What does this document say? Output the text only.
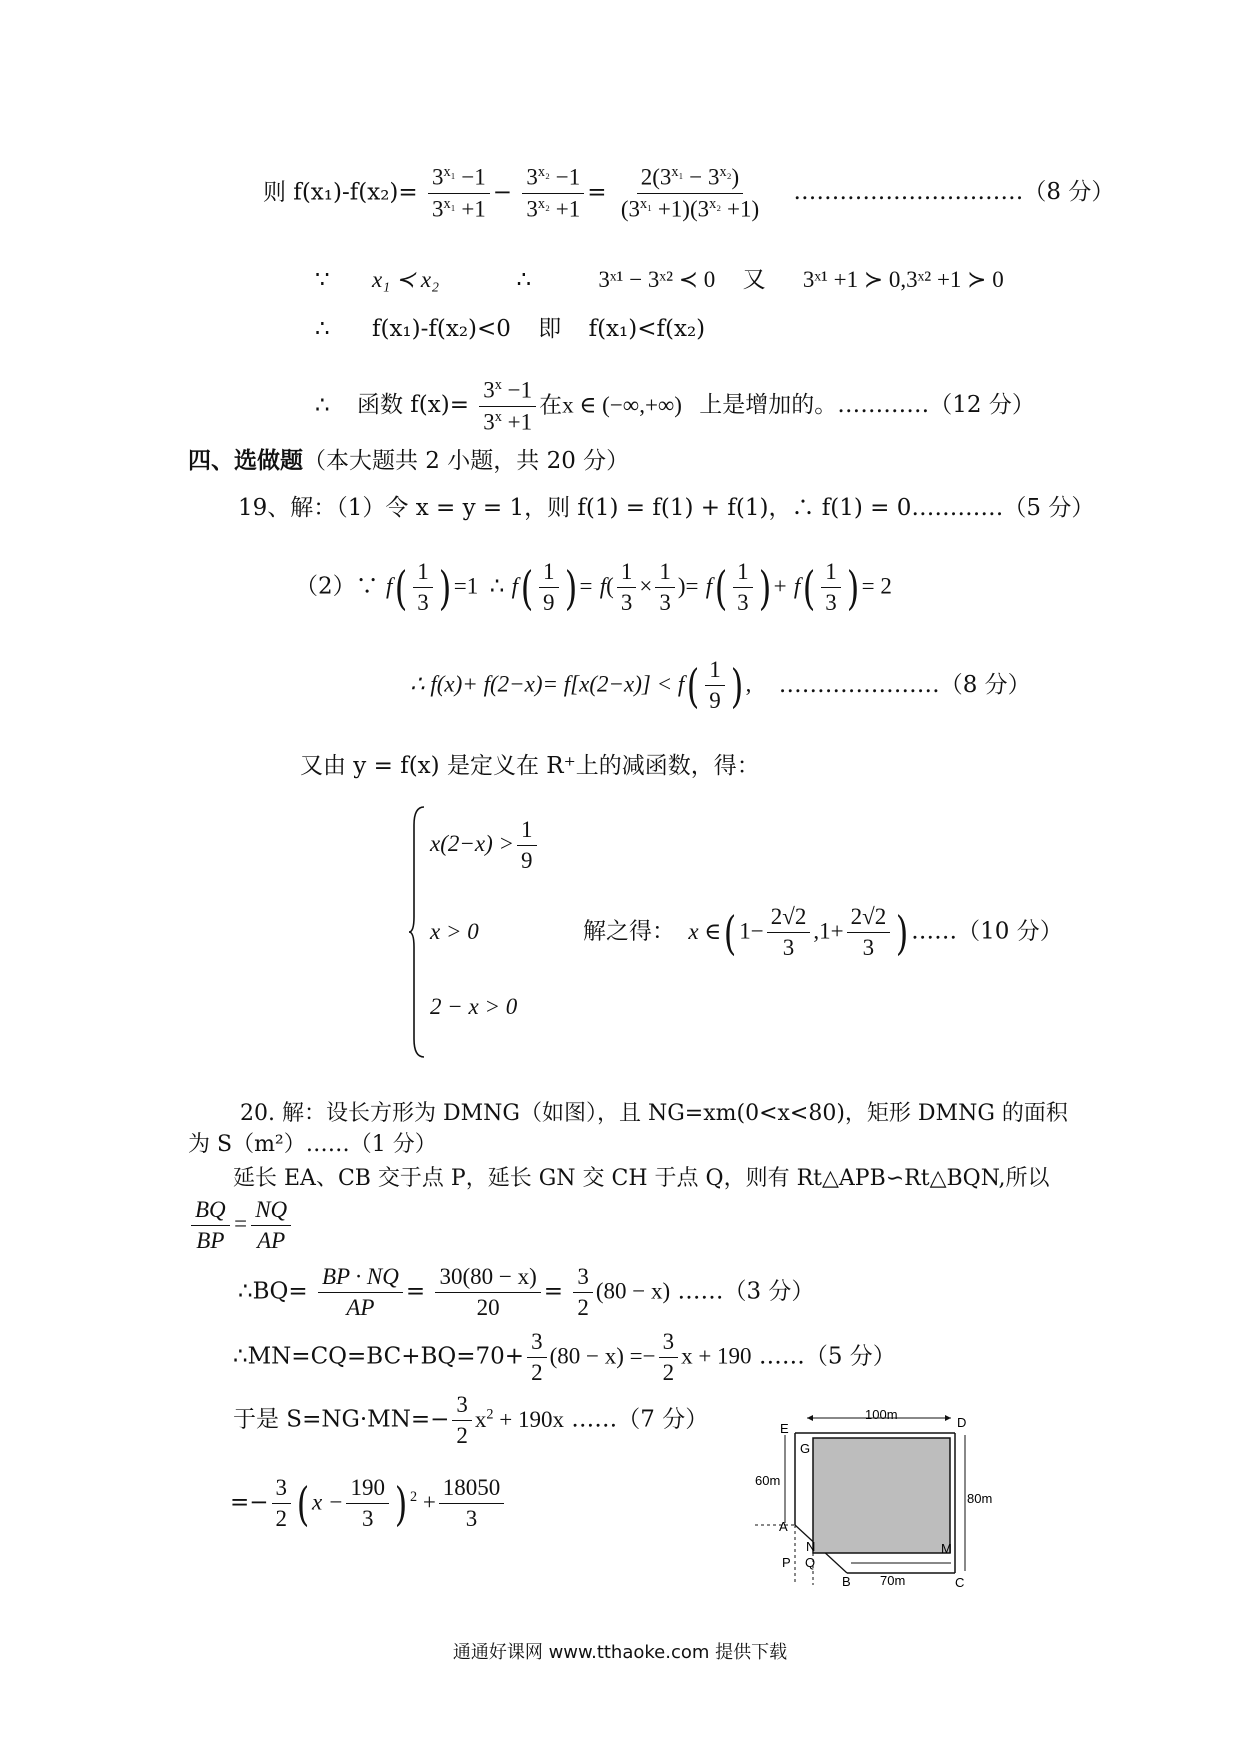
则 $f(x_1)-f(x_2)= \frac{3^{x_1} -1}{3^{x_1} +1} - \frac{3^{x_2} -1}{3^{x_2} +1} = \frac{2(3^{x_1} - 3^{x_2})}{(3^{x_1} +1)(3^{x_2} +1)}$ …………………………（8 分）
∵ x₁ ≺ x₂	∴	3ˣ¹ − 3ˣ² ≺ 0 又 3ˣ¹ +1 ≻ 0,3ˣ² +1 ≻ 0
∴ f(x₁)-f(x₂)<0 即 f(x₁)<f(x₂)
∴ 函数 $f(x)= \frac{3^x -1}{3^x +1}$ 在x ∈ (−∞,+∞) 上是增加的。…………（12 分）
四、选做题（本大题共 2 小题，共 20 分）
19、解：（1）令 x = y = 1，则 f(1) = f(1) + f(1)，∴ f(1) = 0…………（5 分）
（2）∵ $f( \frac{1}{3}$ ) =1  ∴ $f( \frac{1}{9}$ ) = $f( \frac{1}{3} \times \frac{1}{3}$ )= $f( \frac{1}{3}$ ) + $f( \frac{1}{3}$ ) = 2
∴ $f(x)+ f(2-x)= f[x(2-x)] < f( \frac{1}{9}$ ) , …………………（8 分）
又由 y = f(x) 是定义在 R⁺上的减函数，得：
$x(2-x) > \frac{1}{9}$
x > 0
2 − x > 0
解之得： x ∈( $1- \frac{2√2}{3} ,1+ \frac{2√2}{3}$ ) ……（10 分）
20. 解：设长方形为 DMNG（如图），且 NG=xm(0<x<80)，矩形 DMNG 的面积
为 S（m²）……（1 分）
延长 EA、CB 交于点 P，延长 GN 交 CH 于点 Q，则有 Rt△APB∽Rt△BQN,所以
$\frac{BQ}{BP} = \frac{NQ}{AP}$
∴BQ= $\frac{BP \cdot NQ}{AP} = \frac{30(80 - x)}{20} = \frac{3}{2} (80 - x)$ ……（3 分）
∴MN=CQ=BC+BQ=70+ $\frac{3}{2} (80 - x) =- \frac{3}{2}$ x + 190 ……（5 分）
于是 $S=NG\cdot MN=- \frac{3}{2} x^2 + 190x$ ……（7 分）
=− $\frac{3}{2}$ ( $x - \frac{190}{3}$ ) $^2 + \frac{18050}{3}$
100m
60m
80m
70m
E	D
G
A
N	M
P Q
B	C
通通好课网 www.tthaoke.com 提供下载
